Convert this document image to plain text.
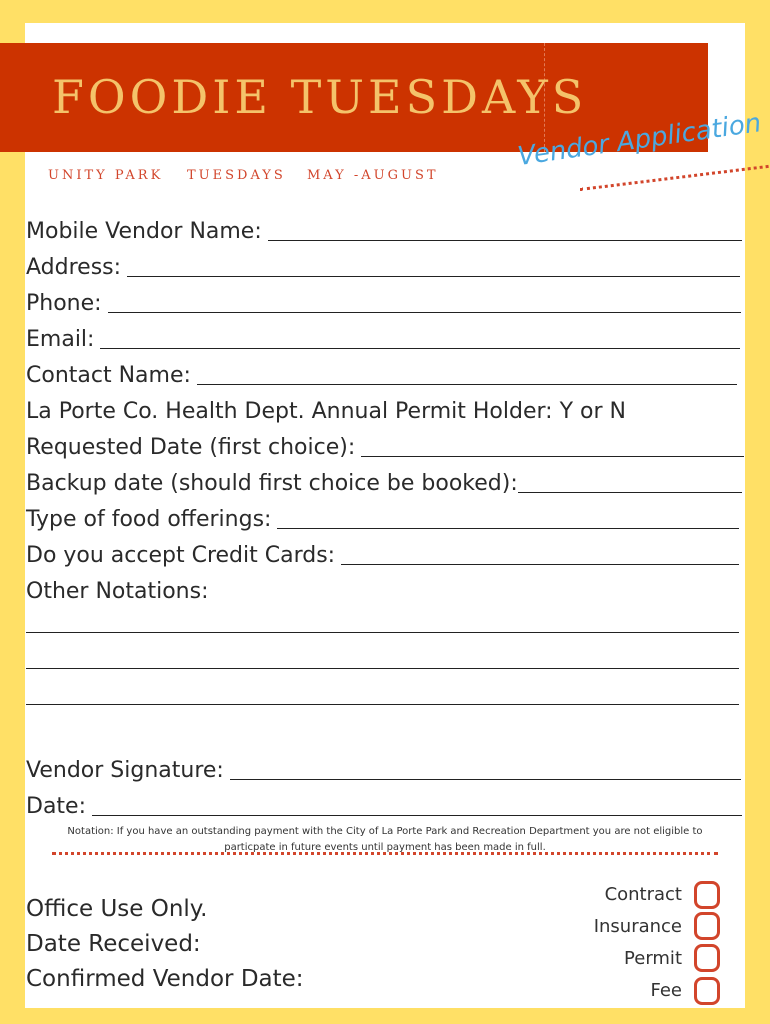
FOODIE TUESDAYS
UNITY PARK TUESDAYS MAY -AUGUST
Vendor Application
Mobile Vendor Name:
Address:
Phone:
Email:
Contact Name:
La Porte Co. Health Dept. Annual Permit Holder: Y or N
Requested Date (first choice):
Backup date (should first choice be booked):
Type of food offerings:
Do you accept Credit Cards:
Other Notations:
Vendor Signature:
Date:
Notation: If you have an outstanding payment with the City of La Porte Park and Recreation Department you are not eligible to
particpate in future events until payment has been made in full.
Office Use Only.
Date Received:
Confirmed Vendor Date:
Contract
Insurance
Permit
Fee
